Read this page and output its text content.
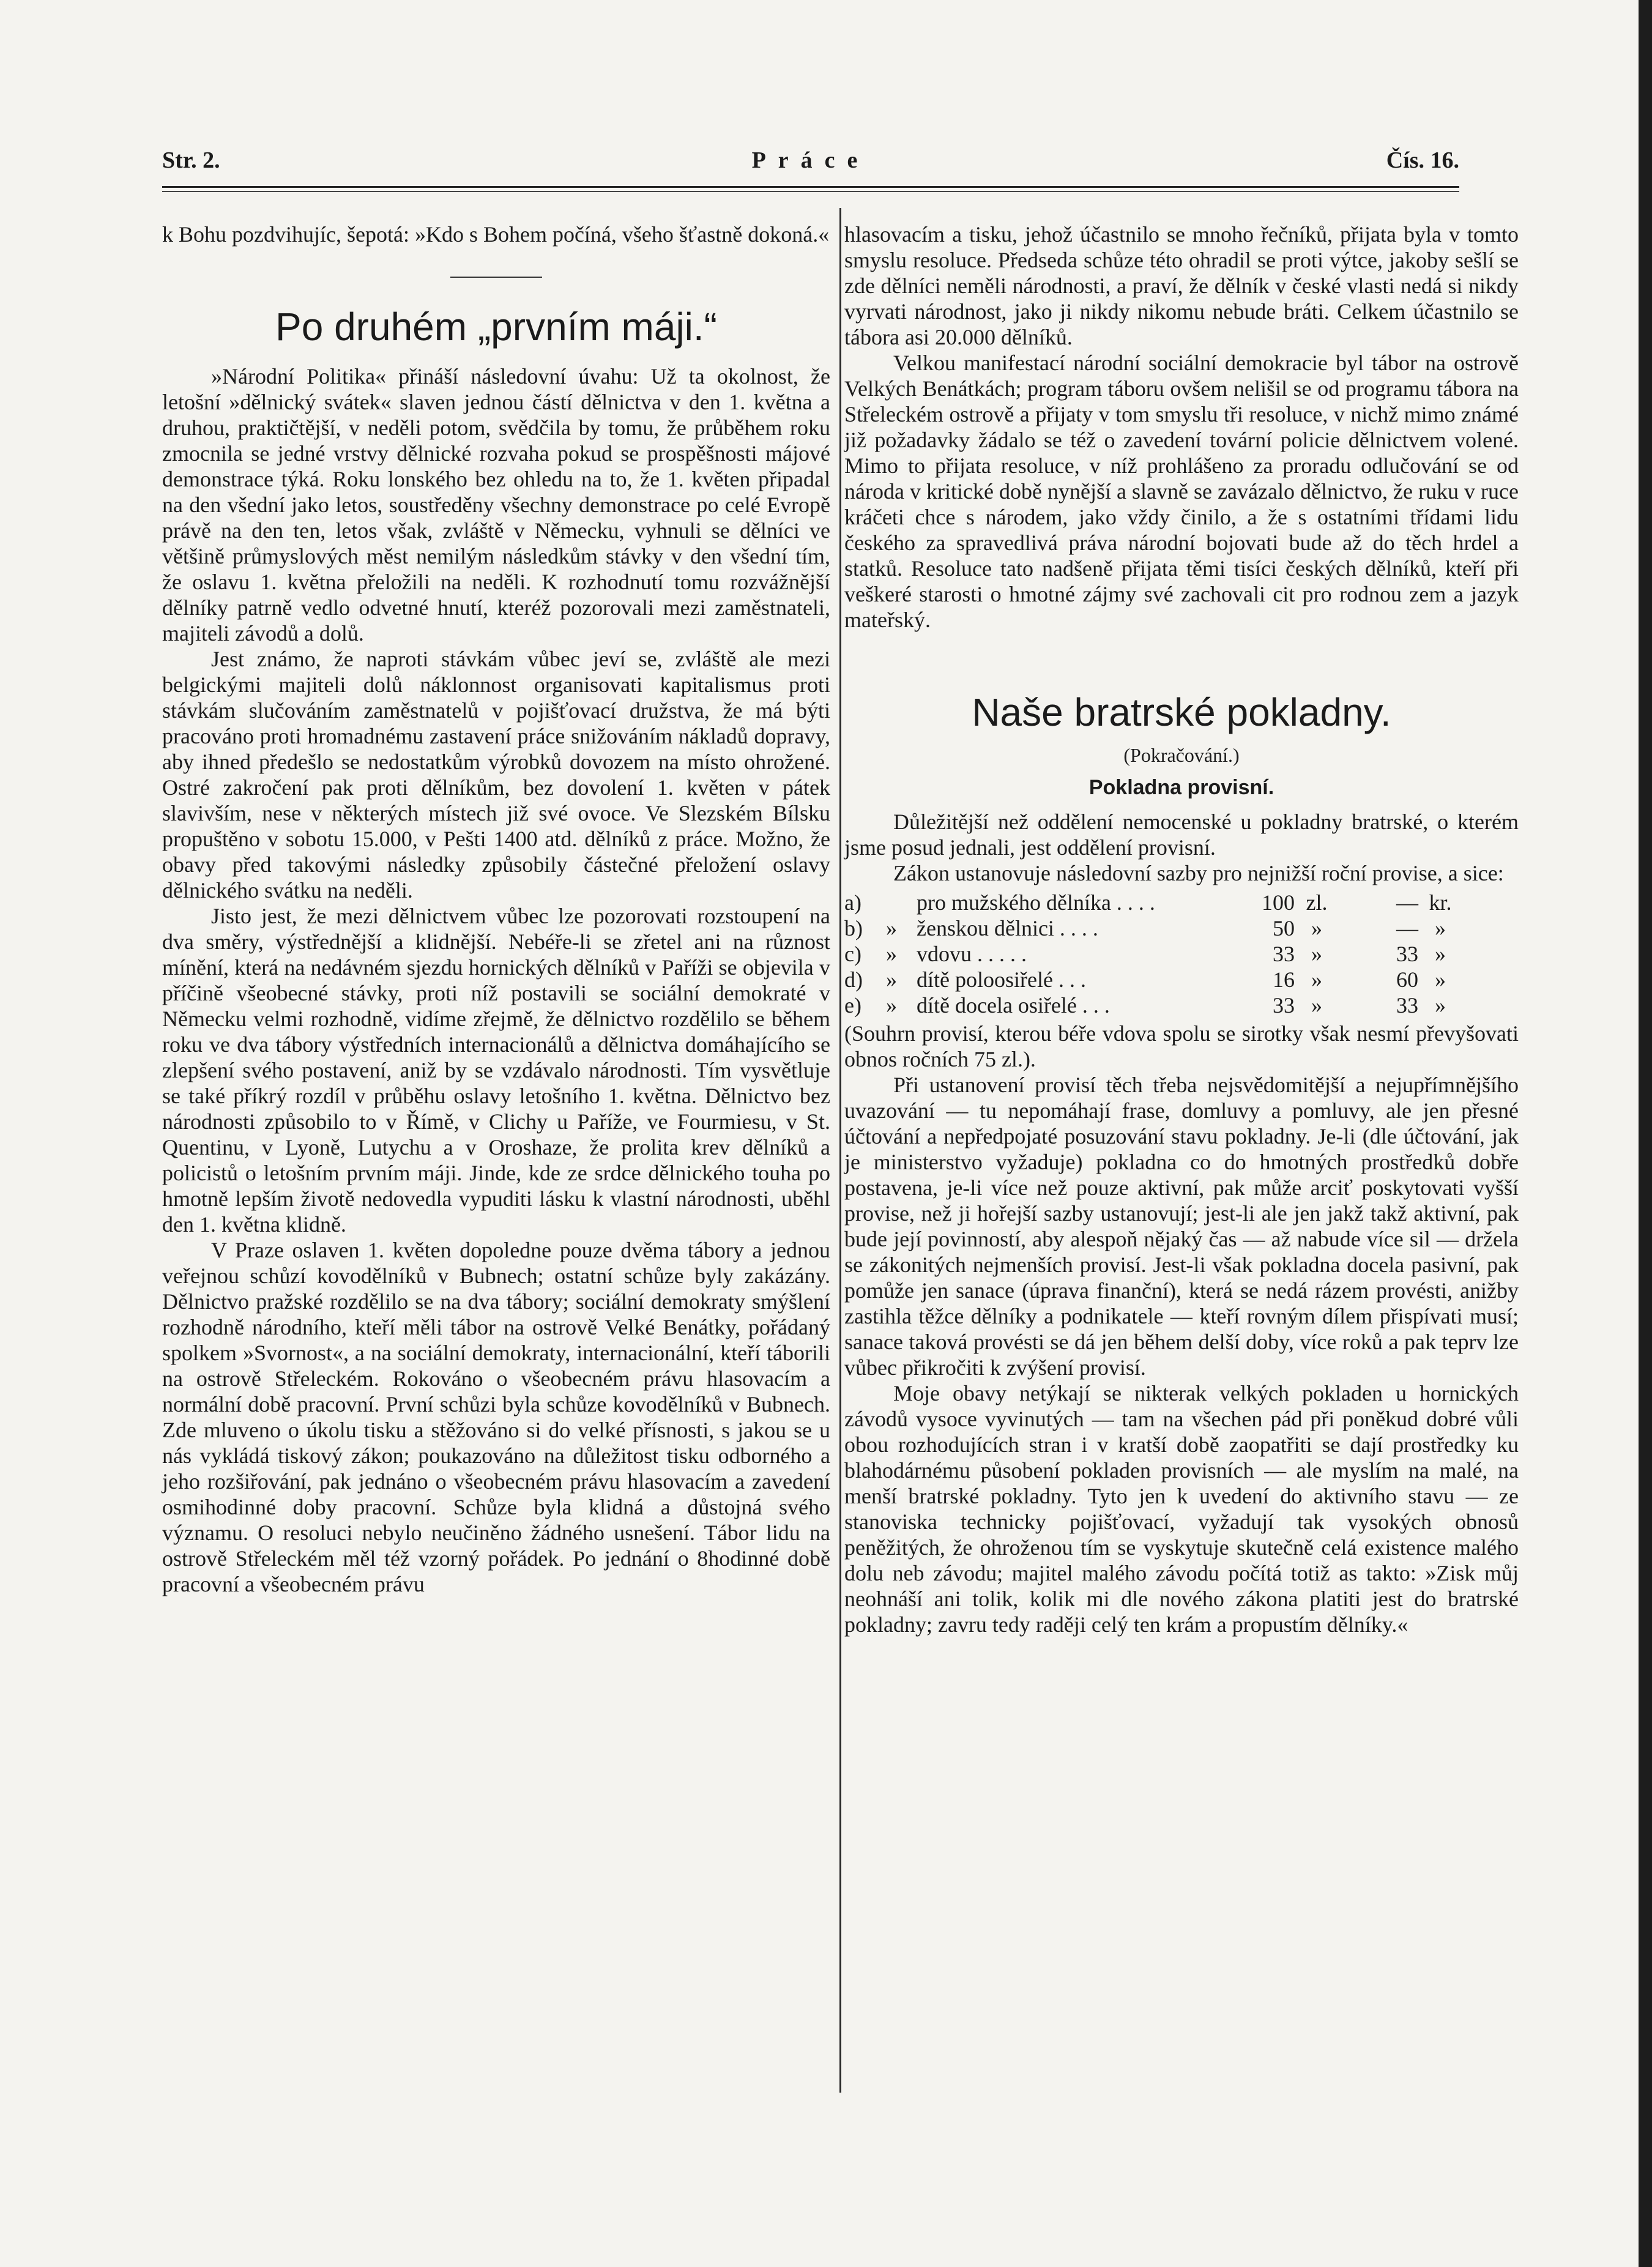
Práce
Str. 2.	Čís. 16.

k Bohu pozdvihujíc, šepotá: »Kdo s Bohem počíná, všeho šťastně dokoná.«

Po druhém „prvním máji.“

»Národní Politika« přináší následovní úvahu: Už ta okolnost, že letošní »dělnický svátek« slaven jednou částí dělnictva v den 1. května a druhou, praktičtější, v neděli potom, svědčila by tomu, že průběhem roku zmocnila se jedné vrstvy dělnické rozvaha pokud se prospěšnosti májové demonstrace týká. Roku lonského bez ohledu na to, že 1. květen připadal na den všední jako letos, soustředěny všechny demonstrace po celé Evropě právě na den ten, letos však, zvláště v Německu, vyhnuli se dělníci ve většině průmyslových měst nemilým následkům stávky v den všední tím, že oslavu 1. května přeložili na neděli. K rozhodnutí tomu rozvážnější dělníky patrně vedlo odvetné hnutí, kteréž pozorovali mezi zaměstnateli, majiteli závodů a dolů.

Jest známo, že naproti stávkám vůbec jeví se, zvláště ale mezi belgickými majiteli dolů náklonnost organisovati kapitalismus proti stávkám slučováním zaměstnatelů v pojišťovací družstva, že má býti pracováno proti hromadnému zastavení práce snižováním nákladů dopravy, aby ihned předešlo se nedostatkům výrobků dovozem na místo ohrožené. Ostré zakročení pak proti dělníkům, bez dovolení 1. květen v pátek slavivším, nese v některých místech již své ovoce. Ve Slezském Bílsku propuštěno v sobotu 15.000, v Pešti 1400 atd. dělníků z práce. Možno, že obavy před takovými následky způsobily částečné přeložení oslavy dělnického svátku na neděli.

Jisto jest, že mezi dělnictvem vůbec lze pozorovati rozstoupení na dva směry, výstřednější a klidnější. Nebéře-li se zřetel ani na různost mínění, která na nedávném sjezdu hornických dělníků v Paříži se objevila v příčině všeobecné stávky, proti níž postavili se sociální demokraté v Německu velmi rozhodně, vidíme zřejmě, že dělnictvo rozdělilo se během roku ve dva tábory výstředních internacionálů a dělnictva domáhajícího se zlepšení svého postavení, aniž by se vzdávalo národnosti. Tím vysvětluje se také příkrý rozdíl v průběhu oslavy letošního 1. května. Dělnictvo bez národnosti způsobilo to v Římě, v Clichy u Paříže, ve Fourmiesu, v St. Quentinu, v Lyoně, Lutychu a v Oroshaze, že prolita krev dělníků a policistů o letošním prvním máji. Jinde, kde ze srdce dělnického touha po hmotně lepším životě nedovedla vypuditi lásku k vlastní národnosti, uběhl den 1. května klidně.

V Praze oslaven 1. květen dopoledne pouze dvěma tábory a jednou veřejnou schůzí kovodělníků v Bubnech; ostatní schůze byly zakázány. Dělnictvo pražské rozdělilo se na dva tábory; sociální demokraty smýšlení rozhodně národního, kteří měli tábor na ostrově Velké Benátky, pořádaný spolkem »Svornost«, a na sociální demokraty, internacionální, kteří táborili na ostrově Střeleckém. Rokováno o všeobecném právu hlasovacím a normální době pracovní. První schůzi byla schůze kovodělníků v Bubnech. Zde mluveno o úkolu tisku a stěžováno si do velké přísnosti, s jakou se u nás vykládá tiskový zákon; poukazováno na důležitost tisku odborného a jeho rozšiřování, pak jednáno o všeobecném právu hlasovacím a zavedení osmihodinné doby pracovní. Schůze byla klidná a důstojná svého významu. O resoluci nebylo neučiněno žádného usnešení. Tábor lidu na ostrově Střeleckém měl též vzorný pořádek. Po jednání o 8hodinné době pracovní a všeobecném právu

hlasovacím a tisku, jehož účastnilo se mnoho řečníků, přijata byla v tomto smyslu resoluce. Předseda schůze této ohradil se proti výtce, jakoby sešlí se zde dělníci neměli národnosti, a praví, že dělník v české vlasti nedá si nikdy vyrvati národnost, jako ji nikdy nikomu nebude bráti. Celkem účastnilo se tábora asi 20.000 dělníků.

Velkou manifestací národní sociální demokracie byl tábor na ostrově Velkých Benátkách; program táboru ovšem nelišil se od programu tábora na Střeleckém ostrově a přijaty v tom smyslu tři resoluce, v nichž mimo známé již požadavky žádalo se též o zavedení tovární policie dělnictvem volené. Mimo to přijata resoluce, v níž prohlášeno za proradu odlučování se od národa v kritické době nynější a slavně se zavázalo dělnictvo, že ruku v ruce kráčeti chce s národem, jako vždy činilo, a že s ostatními třídami lidu českého za spravedlivá práva národní bojovati bude až do těch hrdel a statků. Resoluce tato nadšeně přijata těmi tisíci českých dělníků, kteří při veškeré starosti o hmotné zájmy své zachovali cit pro rodnou zem a jazyk mateřský.

Naše bratrské pokladny.
(Pokračování.)
Pokladna provisní.

Důležitější než oddělení nemocenské u pokladny bratrské, o kterém jsme posud jednali, jest oddělení provisní.

Zákon ustanovuje následovní sazby pro nejnižší roční provise, a sice:

a)	pro mužského dělníka . . . .	100 zl.	— kr.
b)	» ženskou dělnici . . . .	50 »	— »
c)	» vdovu . . . . .	33 »	33 »
d)	» dítě poloosiřelé . . .	16 »	60 »
e)	» dítě docela osiřelé . . .	33 »	33 »

(Souhrn provisí, kterou béře vdova spolu se sirotky však nesmí převyšovati obnos ročních 75 zl.).

Při ustanovení provisí těch třeba nejsvědomitější a nejupřímnějšího uvazování — tu nepomáhají frase, domluvy a pomluvy, ale jen přesné účtování a nepředpojaté posuzování stavu pokladny. Je-li (dle účtování, jak je ministerstvo vyžaduje) pokladna co do hmotných prostředků dobře postavena, je-li více než pouze aktivní, pak může arciť poskytovati vyšší provise, než ji hořejší sazby ustanovují; jest-li ale jen jakž takž aktivní, pak bude její povinností, aby alespoň nějaký čas — až nabude více sil — držela se zákonitých nejmenších provisí. Jest-li však pokladna docela pasivní, pak pomůže jen sanace (úprava finanční), která se nedá rázem provésti, anižby zastihla těžce dělníky a podnikatele — kteří rovným dílem přispívati musí; sanace taková provésti se dá jen během delší doby, více roků a pak teprv lze vůbec přikročiti k zvýšení provisí.

Moje obavy netýkají se nikterak velkých pokladen u hornických závodů vysoce vyvinutých — tam na všechen pád při poněkud dobré vůli obou rozhodujících stran i v kratší době zaopatřiti se dají prostředky ku blahodárnému působení pokladen provisních — ale myslím na malé, na menší bratrské pokladny. Tyto jen k uvedení do aktivního stavu — ze stanoviska technicky pojišťovací, vyžadují tak vysokých obnosů peněžitých, že ohroženou tím se vyskytuje skutečně celá existence malého dolu neb závodu; majitel malého závodu počítá totiž as takto: »Zisk můj neohnáší ani tolik, kolik mi dle nového zákona platiti jest do bratrské pokladny; zavru tedy raději celý ten krám a propustím dělníky.«
